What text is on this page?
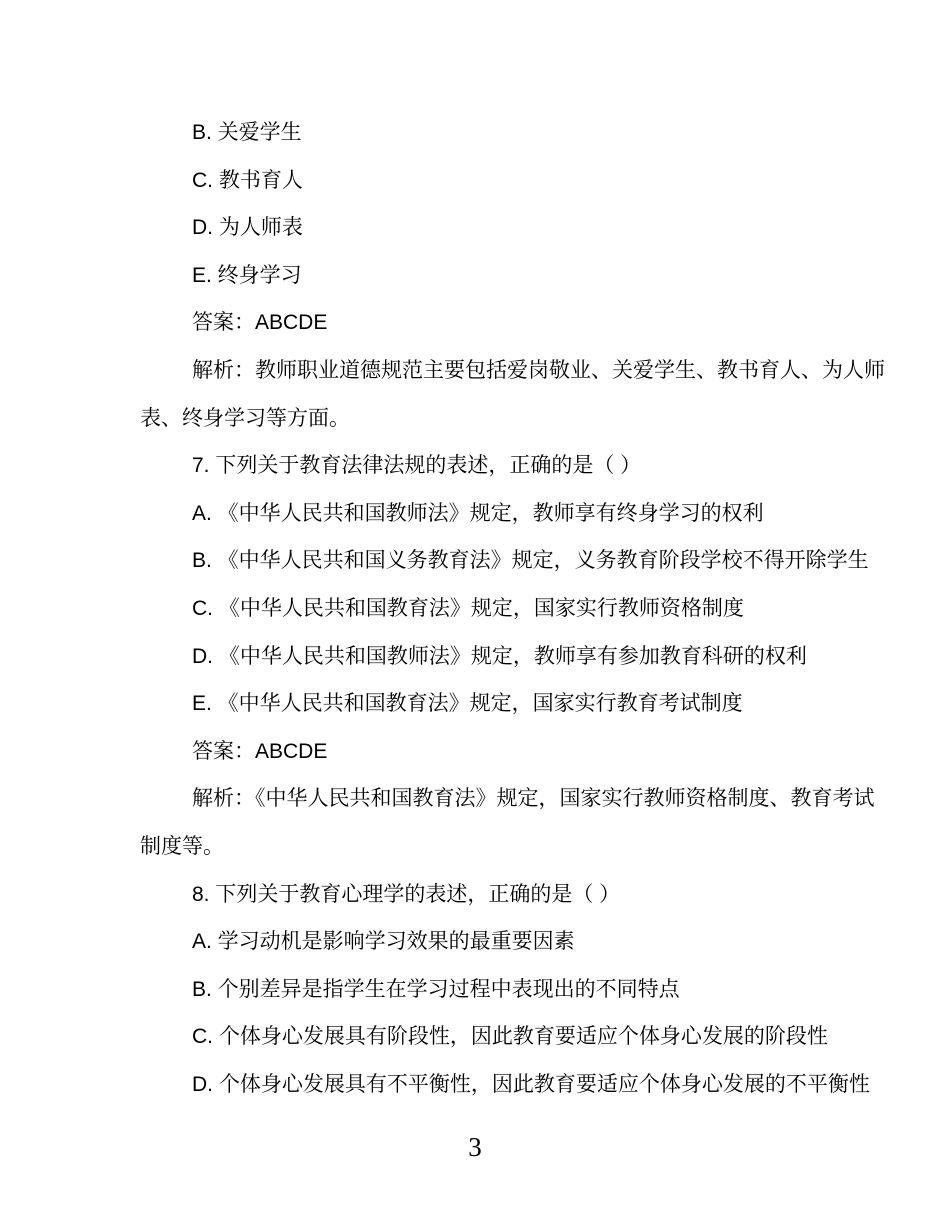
B. 关爱学生
C. 教书育人
D. 为人师表
E. 终身学习
答案：ABCDE
解析：教师职业道德规范主要包括爱岗敬业、关爱学生、教书育人、为人师
表、终身学习等方面。
7. 下列关于教育法律法规的表述，正确的是（ ）
A. 《中华人民共和国教师法》规定，教师享有终身学习的权利
B. 《中华人民共和国义务教育法》规定，义务教育阶段学校不得开除学生
C. 《中华人民共和国教育法》规定，国家实行教师资格制度
D. 《中华人民共和国教师法》规定，教师享有参加教育科研的权利
E. 《中华人民共和国教育法》规定，国家实行教育考试制度
答案：ABCDE
解析：《中华人民共和国教育法》规定，国家实行教师资格制度、教育考试
制度等。
8. 下列关于教育心理学的表述，正确的是（ ）
A. 学习动机是影响学习效果的最重要因素
B. 个别差异是指学生在学习过程中表现出的不同特点
C. 个体身心发展具有阶段性，因此教育要适应个体身心发展的阶段性
D. 个体身心发展具有不平衡性，因此教育要适应个体身心发展的不平衡性
3
